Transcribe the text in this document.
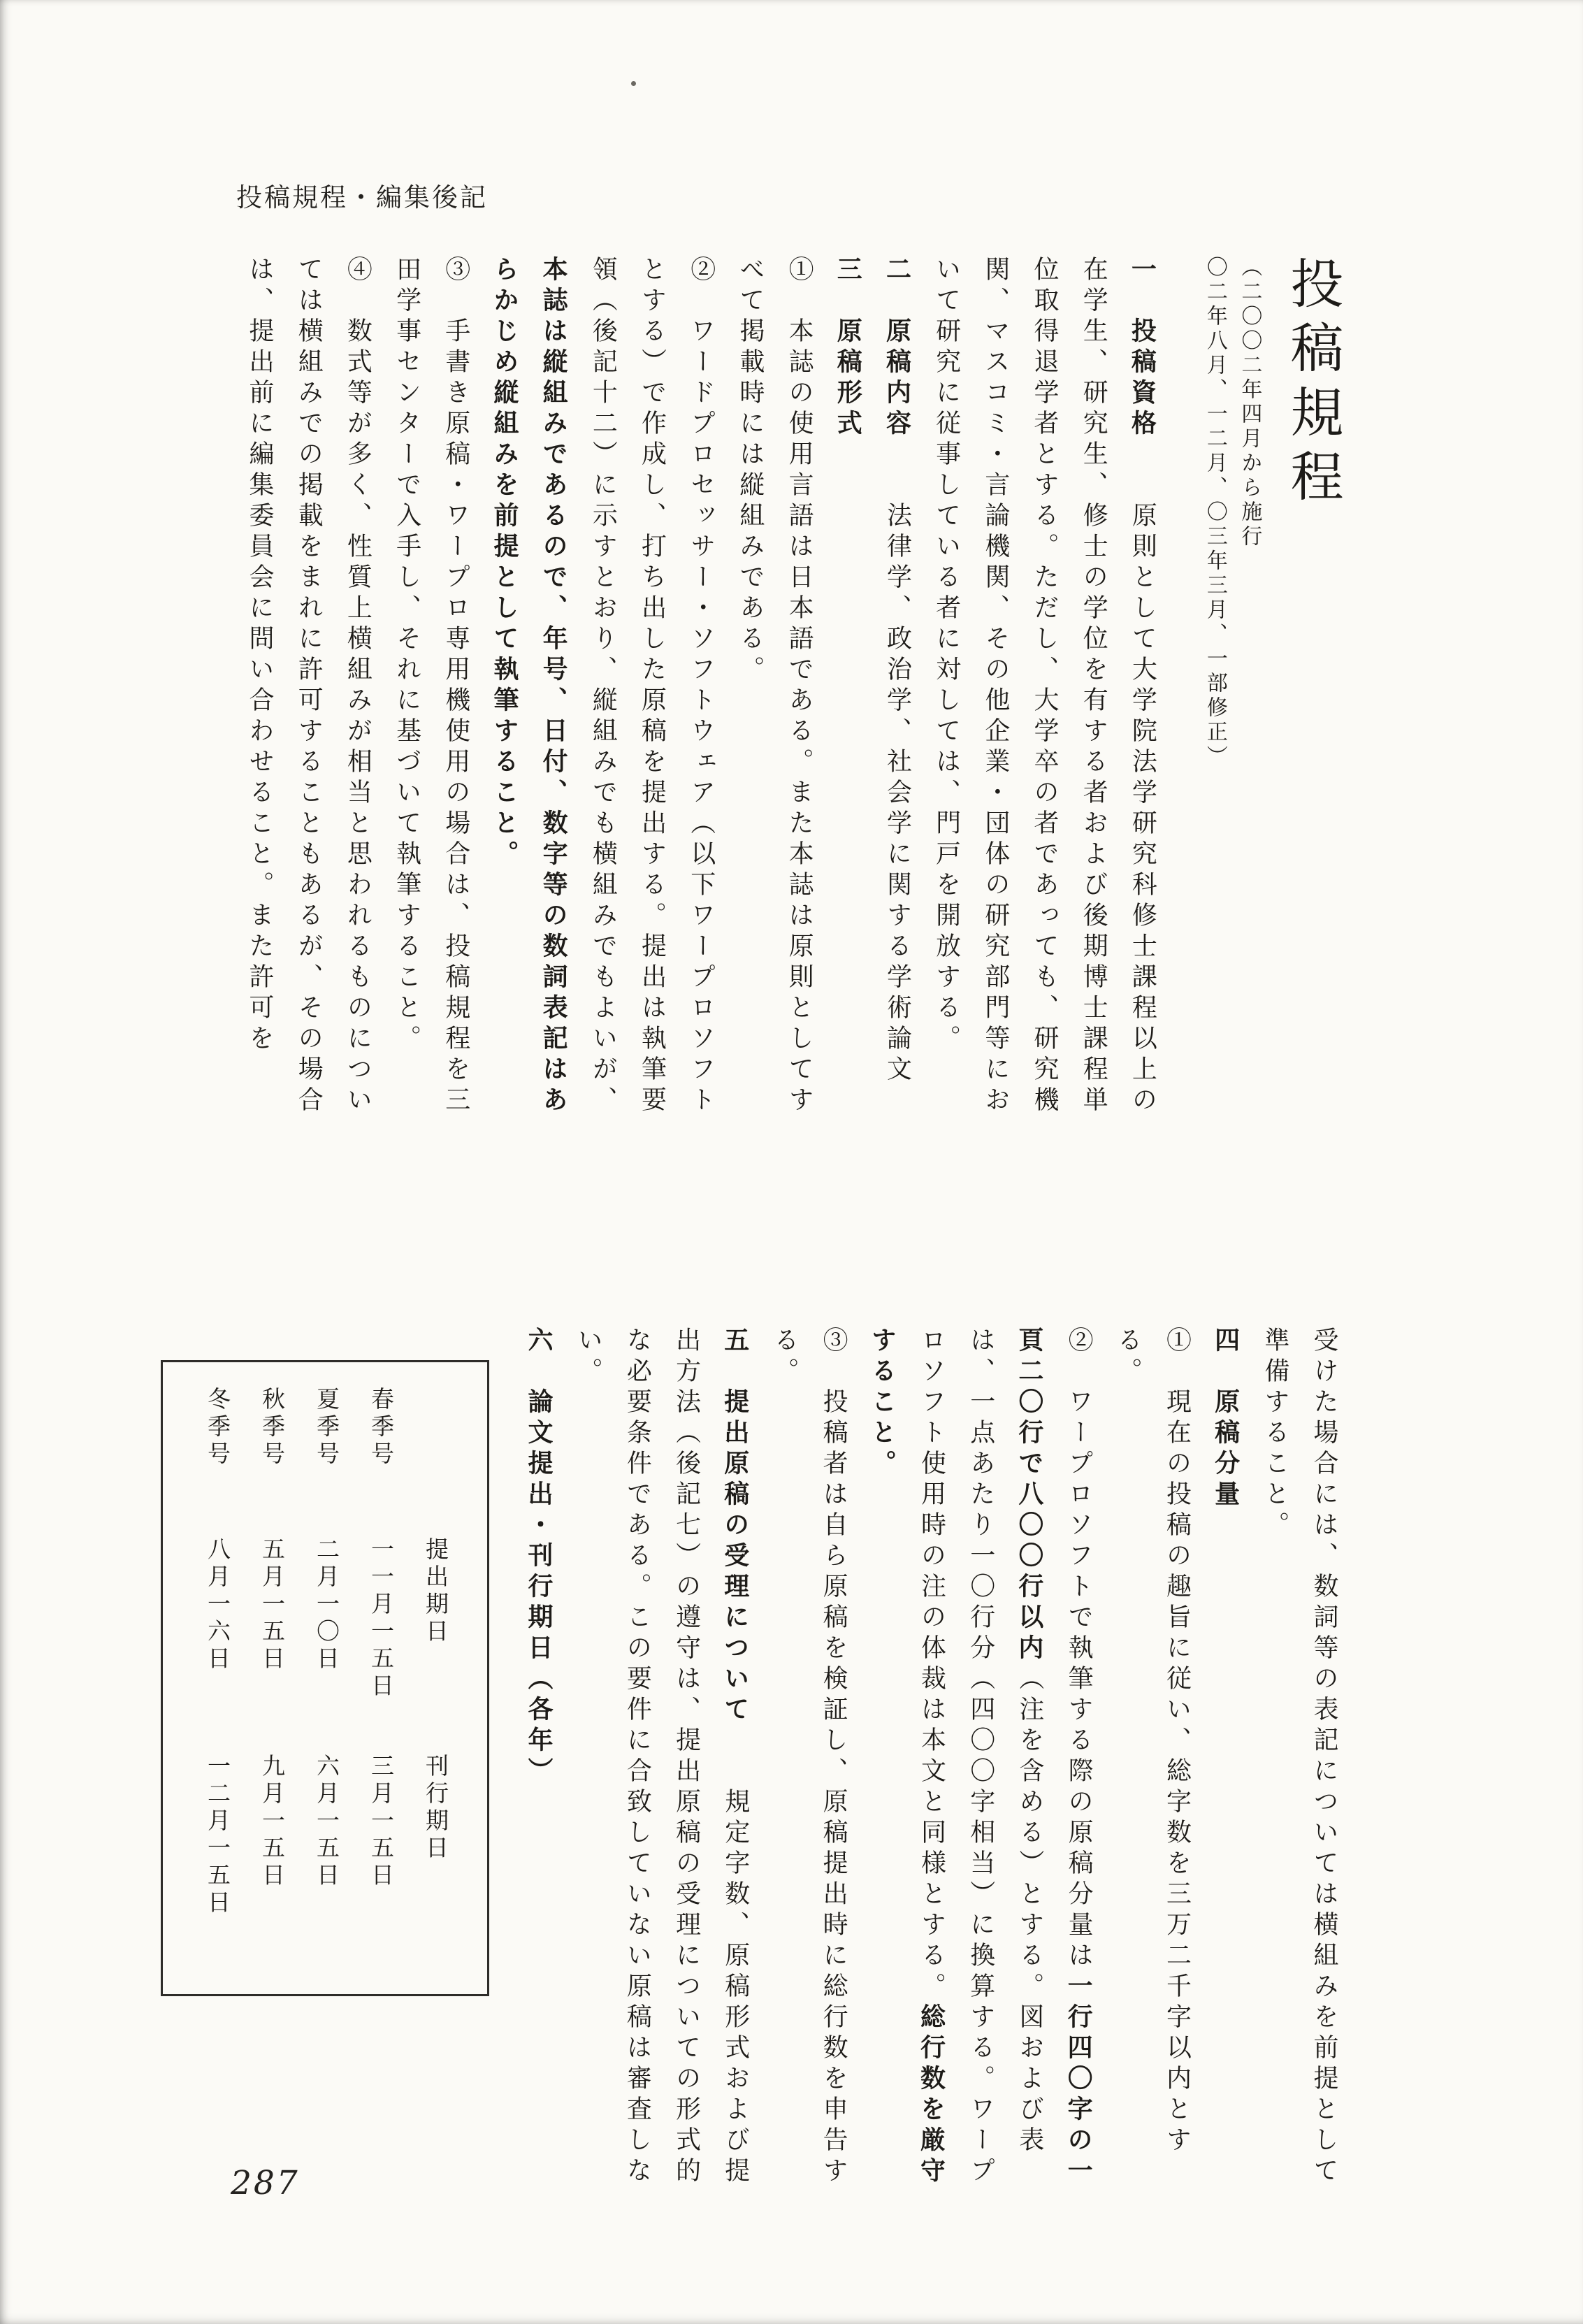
投稿規程・編集後記
投稿規程
（二〇〇二年四月から施行
〇二年八月、一二月、〇三年三月、一部修正）

一　投稿資格　　原則として大学院法学研究科修士課程以上の在学生、研究生、修士の学位を有する者および後期博士課程単位取得退学者とする。ただし、大学卒の者であっても、研究機関、マスコミ・言論機関、その他企業・団体の研究部門等において研究に従事している者に対しては、門戸を開放する。

二　原稿内容　　法律学、政治学、社会学に関する学術論文

三　原稿形式

①　本誌の使用言語は日本語である。また本誌は原則としてすべて掲載時には縦組みである。

②　ワードプロセッサー・ソフトウェア（以下ワープロソフトとする）で作成し、打ち出した原稿を提出する。提出は執筆要領（後記十二）に示すとおり、縦組みでも横組みでもよいが、本誌は縦組みであるので、年号、日付、数字等の数詞表記はあらかじめ縦組みを前提として執筆すること。

③　手書き原稿・ワープロ専用機使用の場合は、投稿規程を三田学事センターで入手し、それに基づいて執筆すること。

④　数式等が多く、性質上横組みが相当と思われるものについては横組みでの掲載をまれに許可することもあるが、その場合は、提出前に編集委員会に問い合わせること。また許可を

受けた場合には、数詞等の表記については横組みを前提として準備すること。

四　原稿分量

①　現在の投稿の趣旨に従い、総字数を三万二千字以内とする。

②　ワープロソフトで執筆する際の原稿分量は一行四〇字の一頁二〇行で八〇〇行以内（注を含める）とする。図および表は、一点あたり一〇行分（四〇〇字相当）に換算する。ワープロソフト使用時の注の体裁は本文と同様とする。総行数を厳守すること。

③　投稿者は自ら原稿を検証し、原稿提出時に総行数を申告する。

五　提出原稿の受理について　　規定字数、原稿形式および提出方法（後記七）の遵守は、提出原稿の受理についての形式的な必要条件である。この要件に合致していない原稿は審査しない。

六　論文提出・刊行期日（各年）

提出期日
刊行期日
春季号
一一月一五日
三月一五日
夏季号
二月一〇日
六月一五日
秋季号
五月一五日
九月一五日
冬季号
八月一六日
一二月一五日
287
